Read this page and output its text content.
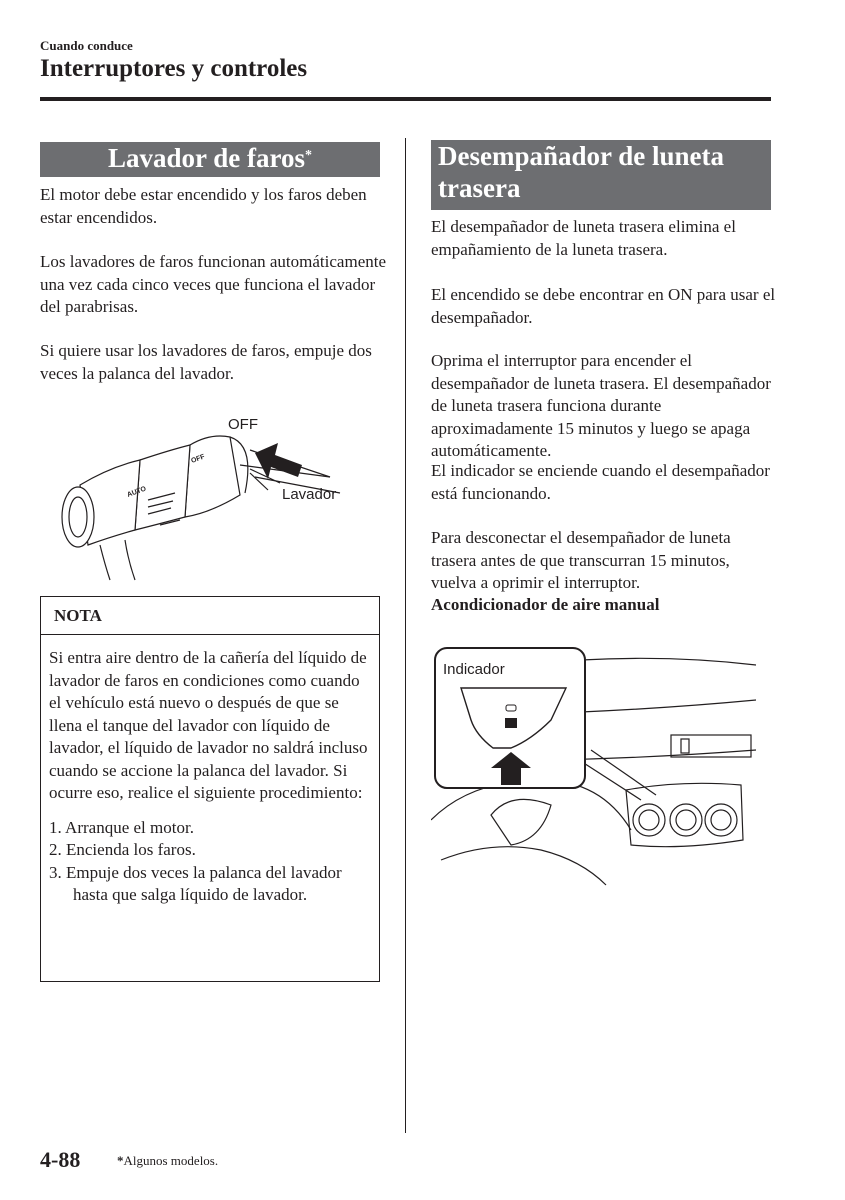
Cuando conduce
Interruptores y controles
Lavador de faros*
El motor debe estar encendido y los faros deben estar encendidos.
Los lavadores de faros funcionan automáticamente una vez cada cinco veces que funciona el lavador del parabrisas.
Si quiere usar los lavadores de faros, empuje dos veces la palanca del lavador.
OFF
Lavador
OFF
AUTO
NOTA
Si entra aire dentro de la cañería del líquido de lavador de faros en condiciones como cuando el vehículo está nuevo o después de que se llena el tanque del lavador con líquido de lavador, el líquido de lavador no saldrá incluso cuando se accione la palanca del lavador. Si ocurre eso, realice el siguiente procedimiento:
1. Arranque el motor.
2. Encienda los faros.
3. Empuje dos veces la palanca del lavador hasta que salga líquido de lavador.
Desempañador de luneta trasera
El desempañador de luneta trasera elimina el empañamiento de la luneta trasera.
El encendido se debe encontrar en ON para usar el desempañador.
Oprima el interruptor para encender el desempañador de luneta trasera. El desempañador de luneta trasera funciona durante aproximadamente 15 minutos y luego se apaga automáticamente.
El indicador se enciende cuando el desempañador está funcionando.
Para desconectar el desempañador de luneta trasera antes de que transcurran 15 minutos, vuelva a oprimir el interruptor.
Acondicionador de aire manual
Indicador
4-88	*Algunos modelos.
